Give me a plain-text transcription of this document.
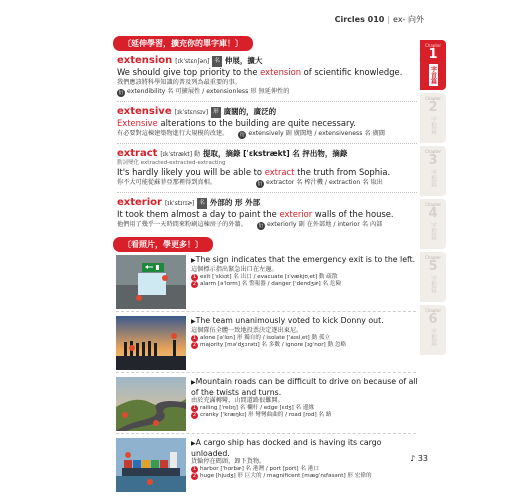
Circles 010 | ex- 向外
〔延伸學習，擴充你的單字庫！〕
extension [ɪkˈstɛnʃən] 名 伸展，擴大
We should give top priority to the extension of scientific knowledge.
我們應該將科學知識的普及列為最重要的事。
衍 extendibility 名 可擴展性 / extensionless 形 無延伸性的
extensive [ɪkˈstɛnsɪv] 形 廣闊的，廣泛的
Extensive alterations to the building are quite necessary.
有必要對這棟建築物進行大規模的改建。 衍 extensively 副 廣闊地 / extensiveness 名 廣闊
extract [ɪkˈstrækt] 動 提取，摘錄 [ˈɛkstrækt] 名 抨出物，摘錄
動詞變化 extracted-extracted-extracting
It's hardly likely you will be able to extract the truth from Sophia.
你不大可能從蘇菲亞那裡得到真相。	衍 extractor 名 榨汁機 / extraction 名 取出
exterior [ɪkˈstɪrɪɚ] 名 外部的 形 外部
It took them almost a day to paint the exterior walls of the house.
他們用了幾乎一天時間來粉刷這棟房子的外牆。 衍 exteriorly 副 在外部地 / interior 名 內部
〔看照片，學更多！〕
▶The sign indicates that the emergency exit is to the left.
這個標示指出緊急出口在左邊。
1 exit [ˈɛksɪt] 名 出口 / evacuate [ɪˈvækjʊˌet] 動 疏散
2 alarm [əˈlɑrm] 名 警報器 / danger [ˈdendʒɚ] 名 危險
▶The team unanimously voted to kick Donny out.
這個隊伍全體一致地投票決定逐出東尼。
1 alone [əˈlon] 形 獨自的 / isolate [ˈaɪslˌet] 動 孤立
2 majority [məˈdʒɔrətɪ] 名 多數 / ignore [ɪgˈnor] 動 忽略
▶Mountain roads can be difficult to drive on because of all of the twists and turns.
由於充滿轉彎，山間道路很難開。
1 railing [ˈrelɪŋ] 名 欄杆 / edge [ɛdʒ] 名 邊緣
2 cranky [ˈkræŋkɪ] 形 彎彎曲曲的 / road [rod] 名 路
▶A cargo ship has docked and is having its cargo unloaded.
貨輪停在碼頭，卸下貨物。
1 harbor [ˈhɑrbɚ] 名 港灣 / port [port] 名 港口
2 huge [hjudʒ] 形 巨大的 / magnificent [mægˈnɪfəsənt] 形 宏偉的
Chapter
1
字首篇
Chapter
2
字根篇
Chapter
3
字根篇
Chapter
4
字根篇
Chapter
5
字根篇
Chapter
6
字根篇
♪ 33
